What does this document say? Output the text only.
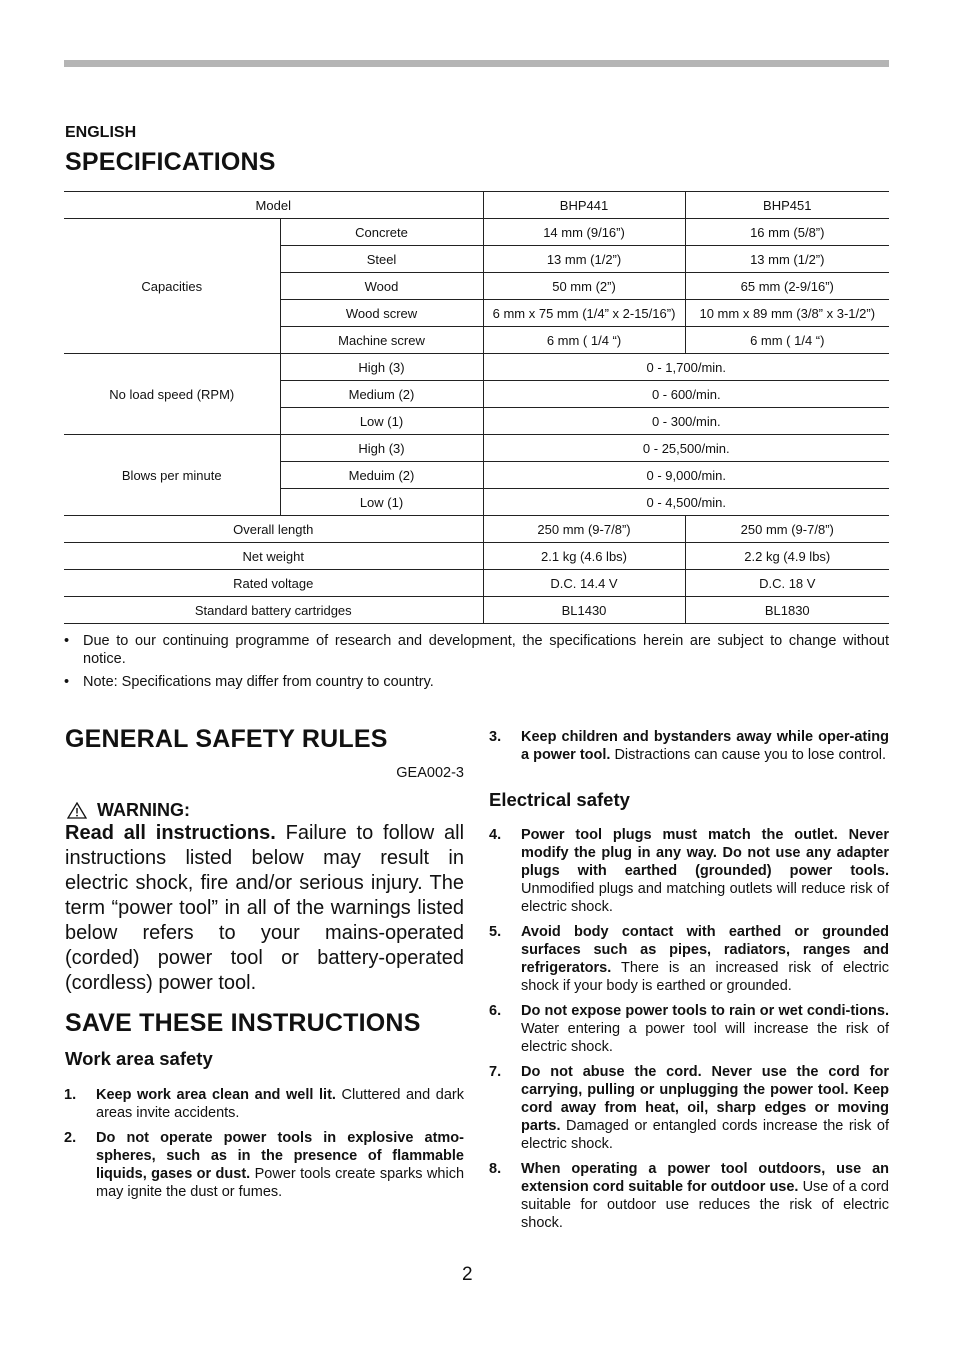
ENGLISH
SPECIFICATIONS
Model		BHP441	BHP451
Capacities	Concrete	14 mm (9/16”)	16 mm (5/8”)
	Steel	13 mm (1/2”)	13 mm (1/2”)
	Wood	50 mm (2”)	65 mm (2-9/16”)
	Wood screw	6 mm x 75 mm (1/4” x 2-15/16”)	10 mm x 89 mm (3/8” x 3-1/2”)
	Machine screw	6 mm ( 1/4 “)	6 mm ( 1/4 “)
No load speed (RPM)	High (3)	0 - 1,700/min.	
	Medium (2)	0 - 600/min.	
	Low (1)	0 - 300/min.	
Blows per minute	High (3)	0 - 25,500/min.	
	Meduim (2)	0 - 9,000/min.	
	Low (1)	0 - 4,500/min.	
Overall length		250 mm (9-7/8”)	250 mm (9-7/8”)
Net weight		2.1 kg (4.6 lbs)	2.2 kg (4.9 lbs)
Rated voltage		D.C. 14.4 V	D.C. 18 V
Standard battery cartridges		BL1430	BL1830
• Due to our continuing programme of research and development, the specifications herein are subject to change without notice.
• Note: Specifications may differ from country to country.
GENERAL SAFETY RULES
GEA002-3
WARNING:
Read all instructions. Failure to follow all instructions listed below may result in electric shock, fire and/or serious injury. The term “power tool” in all of the warnings listed below refers to your mains-operated (corded) power tool or battery-operated (cordless) power tool.
SAVE THESE INSTRUCTIONS
Work area safety
1. Keep work area clean and well lit. Cluttered and dark areas invite accidents.
2. Do not operate power tools in explosive atmo-spheres, such as in the presence of flammable liquids, gases or dust. Power tools create sparks which may ignite the dust or fumes.
3. Keep children and bystanders away while oper-ating a power tool. Distractions can cause you to lose control.
Electrical safety
4. Power tool plugs must match the outlet. Never modify the plug in any way. Do not use any adapter plugs with earthed (grounded) power tools. Unmodified plugs and matching outlets will reduce risk of electric shock.
5. Avoid body contact with earthed or grounded surfaces such as pipes, radiators, ranges and refrigerators. There is an increased risk of electric shock if your body is earthed or grounded.
6. Do not expose power tools to rain or wet condi-tions. Water entering a power tool will increase the risk of electric shock.
7. Do not abuse the cord. Never use the cord for carrying, pulling or unplugging the power tool. Keep cord away from heat, oil, sharp edges or moving parts. Damaged or entangled cords increase the risk of electric shock.
8. When operating a power tool outdoors, use an extension cord suitable for outdoor use. Use of a cord suitable for outdoor use reduces the risk of electric shock.
2
